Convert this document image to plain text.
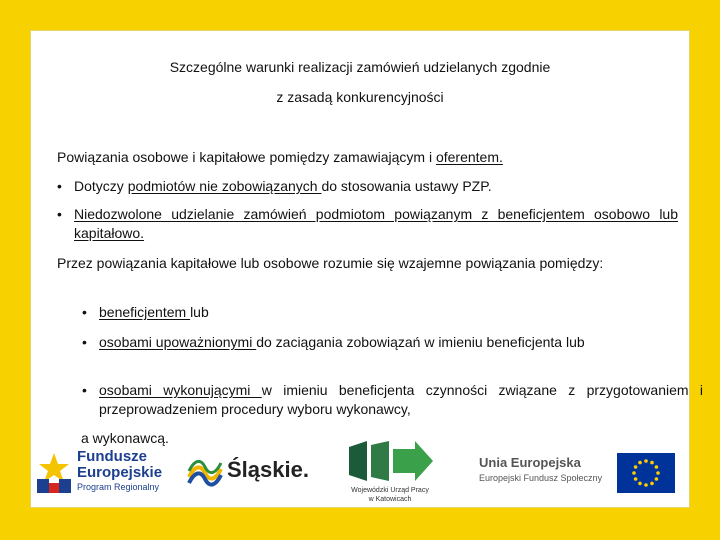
Szczególne warunki realizacji zamówień udzielanych zgodnie
z zasadą konkurencyjności
Powiązania osobowe i kapitałowe pomiędzy zamawiającym i oferentem.
• Dotyczy podmiotów nie zobowiązanych do stosowania ustawy PZP.
• Niedozwolone udzielanie zamówień podmiotom powiązanym z beneficjentem osobowo lub kapitałowo.
Przez powiązania kapitałowe lub osobowe rozumie się wzajemne powiązania pomiędzy:
• beneficjentem lub
• osobami upoważnionymi do zaciągania zobowiązań w imieniu beneficjenta lub
• osobami wykonującymi w imieniu beneficjenta czynności związane z przygotowaniem i przeprowadzeniem procedury wyboru wykonawcy,
a wykonawcą.
Fundusze
Europejskie
Program Regionalny
Śląskie.
Wojewódzki Urząd Pracy
w Katowicach
Unia Europejska
Europejski Fundusz Społeczny
